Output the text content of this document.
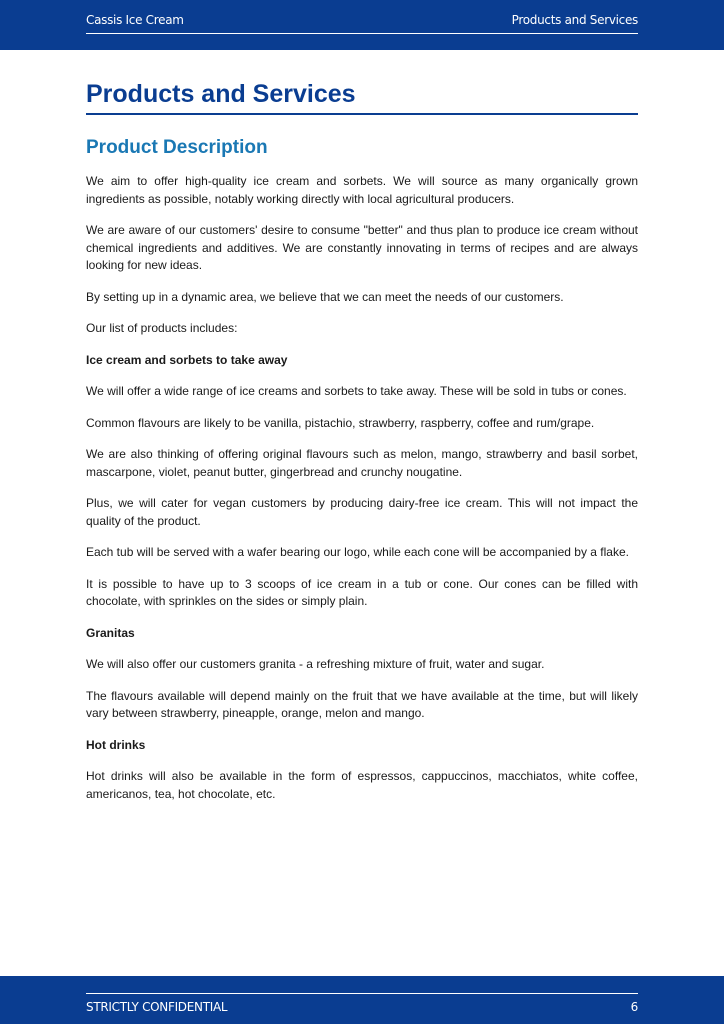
Cassis Ice Cream	Products and Services
Products and Services
Product Description

We aim to offer high-quality ice cream and sorbets. We will source as many organically grown ingredients as possible, notably working directly with local agricultural producers.

We are aware of our customers' desire to consume "better" and thus plan to produce ice cream without chemical ingredients and additives. We are constantly innovating in terms of recipes and are always looking for new ideas.

By setting up in a dynamic area, we believe that we can meet the needs of our customers.

Our list of products includes:

Ice cream and sorbets to take away

We will offer a wide range of ice creams and sorbets to take away. These will be sold in tubs or cones.

Common flavours are likely to be vanilla, pistachio, strawberry, raspberry, coffee and rum/grape.

We are also thinking of offering original flavours such as melon, mango, strawberry and basil sorbet, mascarpone, violet, peanut butter, gingerbread and crunchy nougatine.

Plus, we will cater for vegan customers by producing dairy-free ice cream. This will not impact the quality of the product.

Each tub will be served with a wafer bearing our logo, while each cone will be accompanied by a flake.

It is possible to have up to 3 scoops of ice cream in a tub or cone. Our cones can be filled with chocolate, with sprinkles on the sides or simply plain.

Granitas

We will also offer our customers granita - a refreshing mixture of fruit, water and sugar.

The flavours available will depend mainly on the fruit that we have available at the time, but will likely vary between strawberry, pineapple, orange, melon and mango.

Hot drinks

Hot drinks will also be available in the form of espressos, cappuccinos, macchiatos, white coffee, americanos, tea, hot chocolate, etc.

STRICTLY CONFIDENTIAL	6
